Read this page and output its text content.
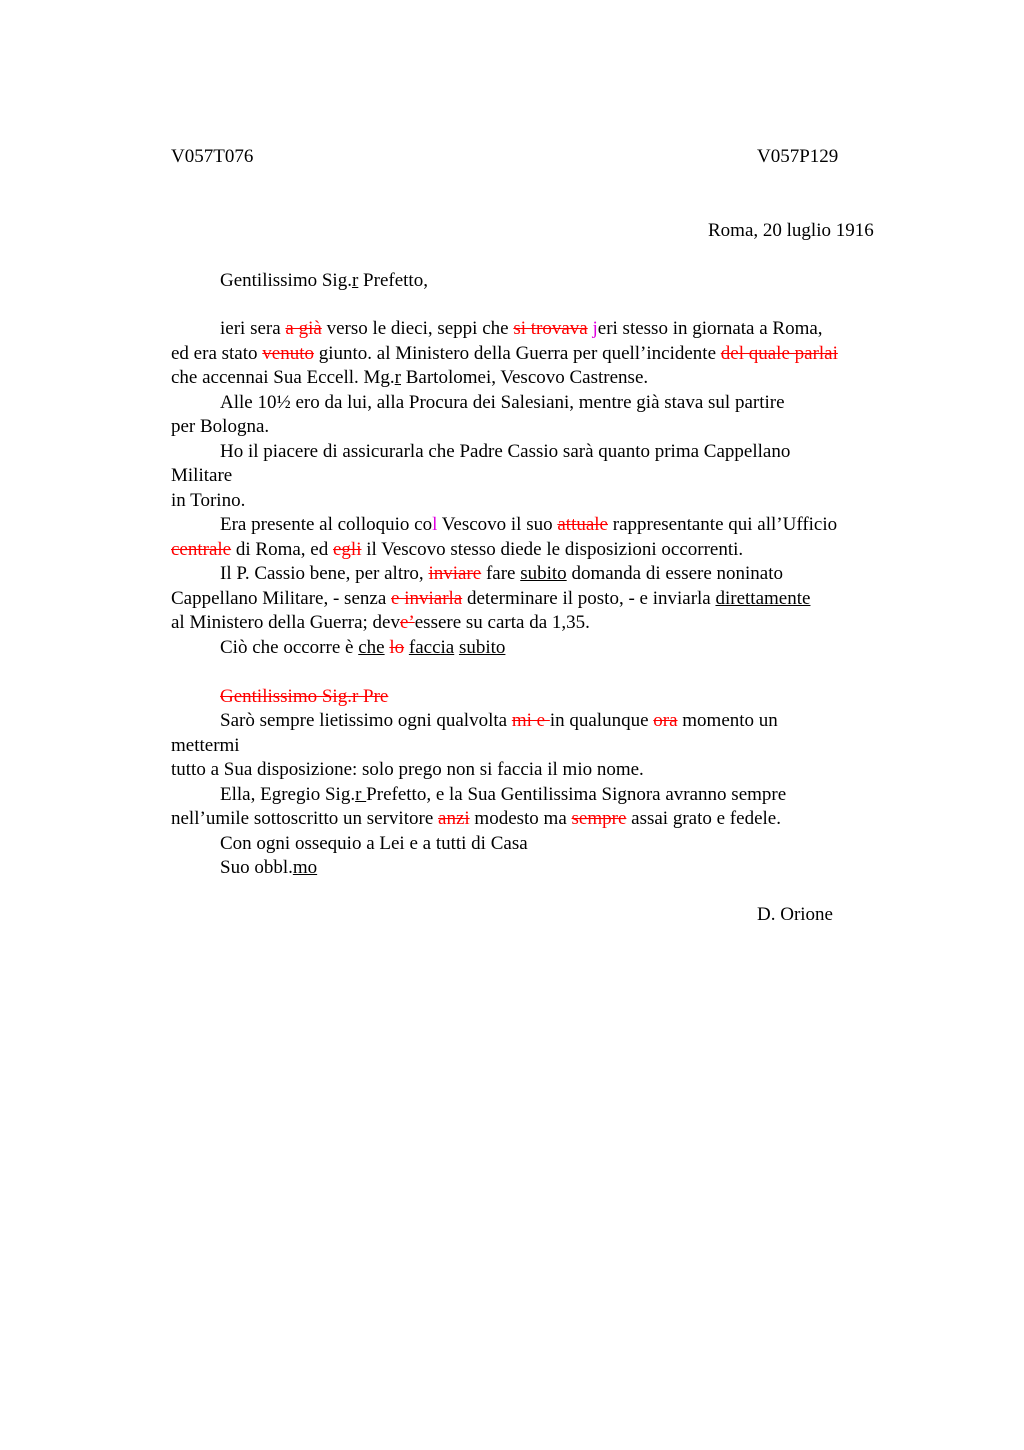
V057T076	V057P129
Roma, 20 luglio 1916
Gentilissimo Sig.r Prefetto,
ieri sera a già verso le dieci, seppi che si trovava jeri stesso in giornata a Roma,
ed era stato venuto giunto. al Ministero della Guerra per quell’incidente del quale parlai
che accennai Sua Eccell. Mg.r Bartolomei, Vescovo Castrense.
Alle 10½ ero da lui, alla Procura dei Salesiani, mentre già stava sul partire
per Bologna.
Ho il piacere di assicurarla che Padre Cassio sarà quanto prima Cappellano
Militare
in Torino.
Era presente al colloquio col Vescovo il suo attuale rappresentante qui all’Ufficio
centrale di Roma, ed egli il Vescovo stesso diede le disposizioni occorrenti.
Il P. Cassio bene, per altro, inviare fare subito domanda di essere noninato
Cappellano Militare, - senza e inviarla determinare il posto, - e inviarla direttamente
al Ministero della Guerra; deve’essere su carta da 1,35.
Ciò che occorre è che lo faccia subito
Gentilissimo Sig.r Pre
Sarò sempre lietissimo ogni qualvolta mi e in qualunque ora momento un
mettermi
tutto a Sua disposizione: solo prego non si faccia il mio nome.
Ella, Egregio Sig.r Prefetto, e la Sua Gentilissima Signora avranno sempre
nell’umile sottoscritto un servitore anzi modesto ma sempre assai grato e fedele.
Con ogni ossequio a Lei e a tutti di Casa
Suo obbl.mo
D. Orione
